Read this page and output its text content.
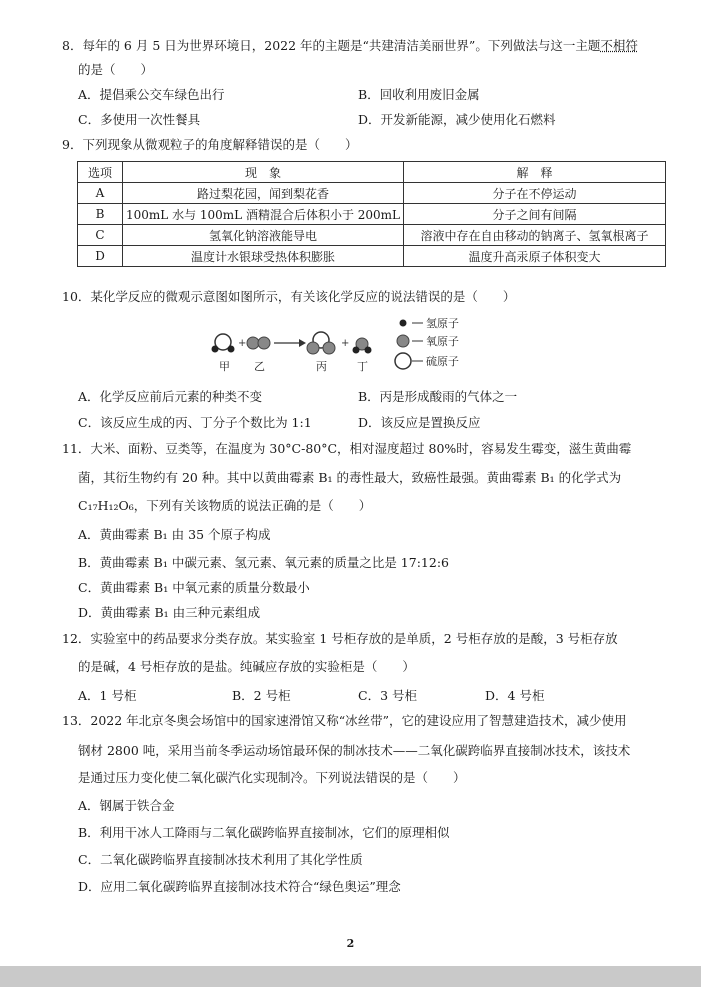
8．每年的 6 月 5 日为世界环境日，2022 年的主题是“共建清洁美丽世界”。下列做法与这一主题不相符
的是（　　）
A．提倡乘公交车绿色出行	B．回收利用废旧金属
C．多使用一次性餐具	D．开发新能源，减少使用化石燃料
9．下列现象从微观粒子的角度解释错误的是（　　）
选项	现　象	解　释
A	路过梨花园，闻到梨花香	分子在不停运动
B	100mL 水与 100mL 酒精混合后体积小于 200mL	分子之间有间隔
C	氢氧化钠溶液能导电	溶液中存在自由移动的钠离子、氢氧根离子
D	温度计水银球受热体积膨胀	温度升高汞原子体积变大
10．某化学反应的微观示意图如图所示，有关该化学反应的说法错误的是（　　）
+	+
甲 乙	丙	丁
氢原子
氧原子
硫原子
A．化学反应前后元素的种类不变	B．丙是形成酸雨的气体之一
C．该反应生成的丙、丁分子个数比为 1:1	D．该反应是置换反应
11．大米、面粉、豆类等，在温度为 30°C-80°C，相对湿度超过 80%时，容易发生霉变，滋生黄曲霉
菌，其衍生物约有 20 种。其中以黄曲霉素 B₁ 的毒性最大，致癌性最强。黄曲霉素 B₁ 的化学式为
C₁₇H₁₂O₆，下列有关该物质的说法正确的是（　　）
A．黄曲霉素 B₁ 由 35 个原子构成
B．黄曲霉素 B₁ 中碳元素、氢元素、氧元素的质量之比是 17:12:6
C．黄曲霉素 B₁ 中氧元素的质量分数最小
D．黄曲霉素 B₁ 由三种元素组成
12．实验室中的药品要求分类存放。某实验室 1 号柜存放的是单质，2 号柜存放的是酸，3 号柜存放
的是碱，4 号柜存放的是盐。纯碱应存放的实验柜是（　　）
A．1 号柜	B．2 号柜	C．3 号柜	D．4 号柜
13．2022 年北京冬奥会场馆中的国家速滑馆又称“冰丝带”，它的建设应用了智慧建造技术，减少使用
钢材 2800 吨，采用当前冬季运动场馆最环保的制冰技术——二氧化碳跨临界直接制冰技术，该技术
是通过压力变化使二氧化碳汽化实现制冷。下列说法错误的是（　　）
A．钢属于铁合金
B．利用干冰人工降雨与二氧化碳跨临界直接制冰，它们的原理相似
C．二氧化碳跨临界直接制冰技术利用了其化学性质
D．应用二氧化碳跨临界直接制冰技术符合“绿色奥运”理念
2
